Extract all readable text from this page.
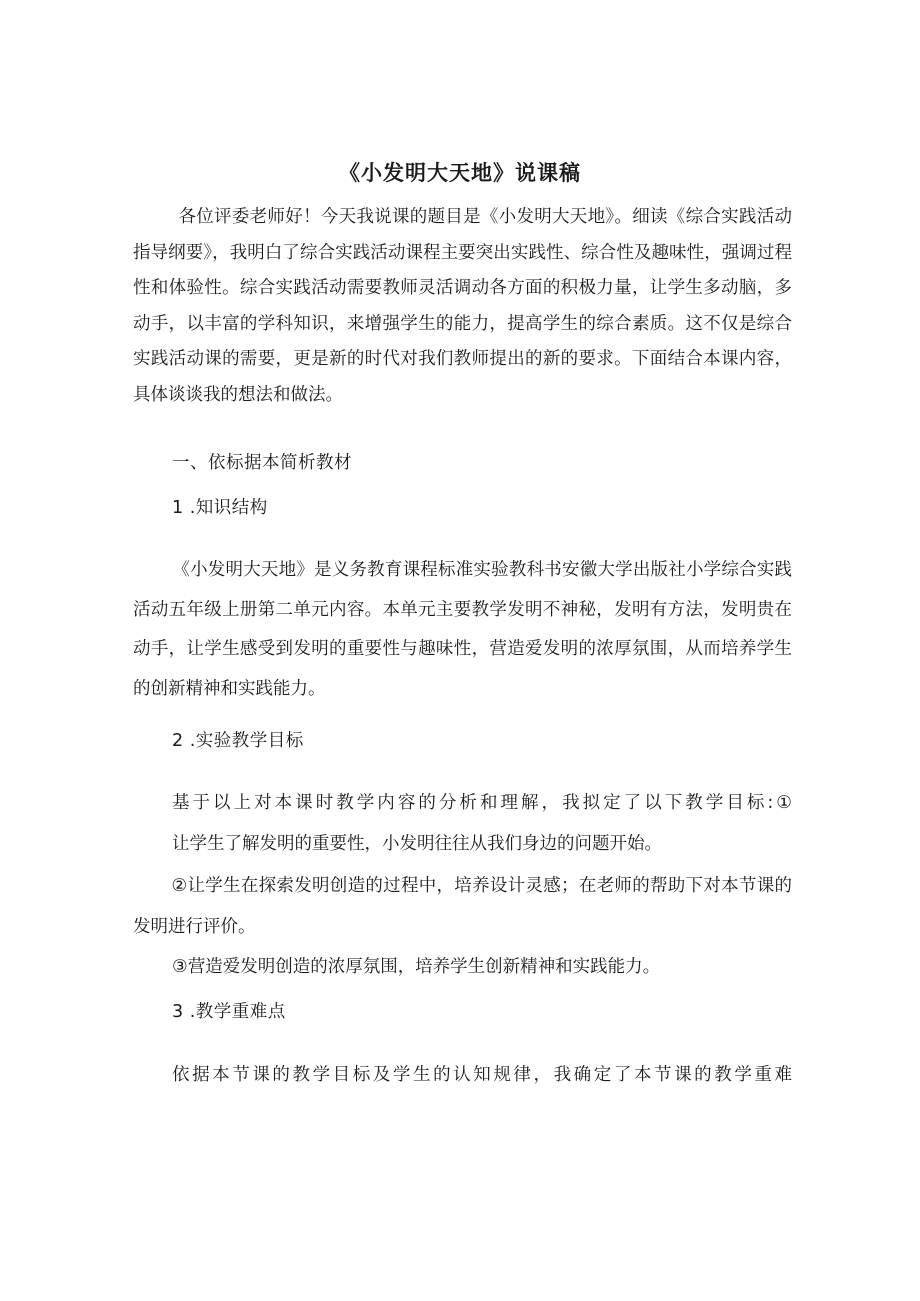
《小发明大天地》说课稿
各位评委老师好！今天我说课的题目是《小发明大天地》。细读《综合实践活动指导纲要》，我明白了综合实践活动课程主要突出实践性、综合性及趣味性，强调过程性和体验性。综合实践活动需要教师灵活调动各方面的积极力量，让学生多动脑，多动手，以丰富的学科知识，来增强学生的能力，提高学生的综合素质。这不仅是综合实践活动课的需要，更是新的时代对我们教师提出的新的要求。下面结合本课内容，具体谈谈我的想法和做法。
一、依标据本简析教材
1 .知识结构
《小发明大天地》是义务教育课程标准实验教科书安徽大学出版社小学综合实践活动五年级上册第二单元内容。本单元主要教学发明不神秘，发明有方法，发明贵在动手，让学生感受到发明的重要性与趣味性，营造爱发明的浓厚氛围，从而培养学生的创新精神和实践能力。
2 .实验教学目标
基于以上对本课时教学内容的分析和理解，我拟定了以下教学目标:①
让学生了解发明的重要性，小发明往往从我们身边的问题开始。
②让学生在探索发明创造的过程中，培养设计灵感；在老师的帮助下对本节课的发明进行评价。
③营造爱发明创造的浓厚氛围，培养学生创新精神和实践能力。
3 .教学重难点
依据本节课的教学目标及学生的认知规律，我确定了本节课的教学重难
